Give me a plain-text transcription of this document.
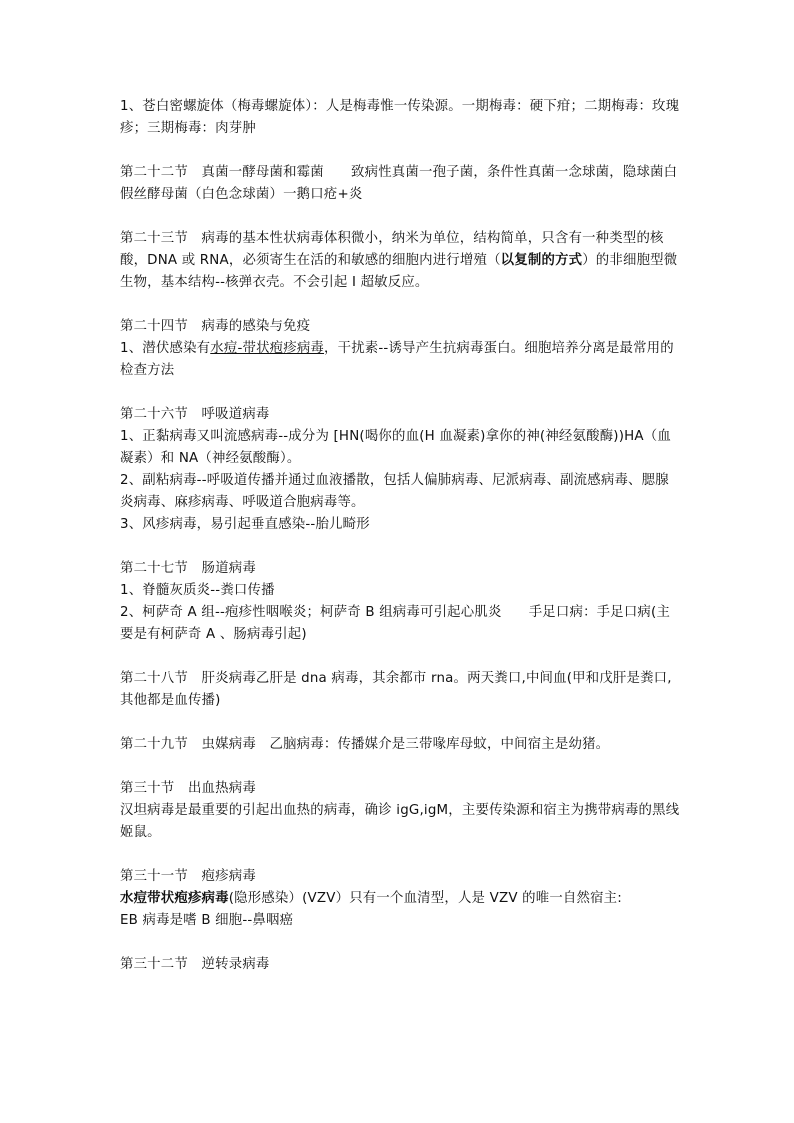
1、苍白密螺旋体（梅毒螺旋体）：人是梅毒惟一传染源。一期梅毒：硬下疳；二期梅毒：玫瑰疹；三期梅毒：肉芽肿

第二十二节　真菌一酵母菌和霉菌　　致病性真菌一孢子菌，条件性真菌一念球菌，隐球菌白假丝酵母菌（白色念球菌）一鹅口疮+炎

第二十三节　病毒的基本性状病毒体积微小，纳米为单位，结构简单，只含有一种类型的核酸，DNA 或 RNA，必须寄生在活的和敏感的细胞内进行增殖（以复制的方式）的非细胞型微生物，基本结构--核弹衣壳。不会引起 I 超敏反应。

第二十四节　病毒的感染与免疫

1、潜伏感染有水痘-带状疱疹病毒，干扰素--诱导产生抗病毒蛋白。细胞培养分离是最常用的检查方法

第二十六节　呼吸道病毒

1、正黏病毒又叫流感病毒--成分为 [HN(喝你的血(H 血凝素)拿你的神(神经氨酸酶))HA（血凝素）和 NA（神经氨酸酶）。

2、副粘病毒--呼吸道传播并通过血液播散，包括人偏肺病毒、尼派病毒、副流感病毒、腮腺炎病毒、麻疹病毒、呼吸道合胞病毒等。

3、风疹病毒，易引起垂直感染--胎儿畸形

第二十七节　肠道病毒

1、脊髓灰质炎--粪口传播

2、柯萨奇 A 组--疱疹性咽喉炎；柯萨奇 B 组病毒可引起心肌炎　　手足口病：手足口病(主要是有柯萨奇 A 、肠病毒引起)

第二十八节　肝炎病毒乙肝是 dna 病毒，其余都市 rna。两天粪口,中间血(甲和戊肝是粪口,其他都是血传播)

第二十九节　虫媒病毒　乙脑病毒：传播媒介是三带喙库母蚊，中间宿主是幼猪。

第三十节　出血热病毒

汉坦病毒是最重要的引起出血热的病毒，确诊 igG,igM，主要传染源和宿主为携带病毒的黑线姬鼠。

第三十一节　疱疹病毒

水痘带状疱疹病毒(隐形感染）(VZV）只有一个血清型，人是 VZV 的唯一自然宿主:

EB 病毒是嗜 B 细胞--鼻咽癌

第三十二节　逆转录病毒
